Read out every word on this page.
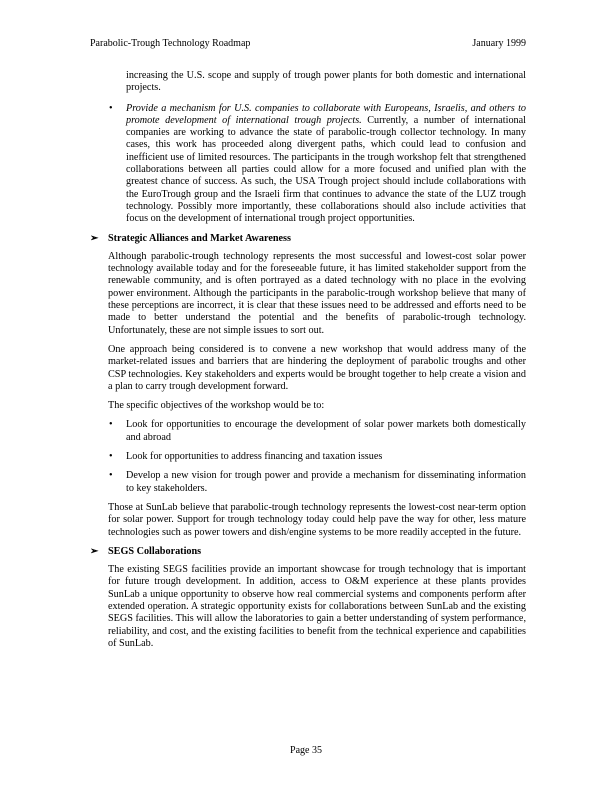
Parabolic-Trough Technology Roadmap	January 1999

increasing the U.S. scope and supply of trough power plants for both domestic and international projects.

• Provide a mechanism for U.S. companies to collaborate with Europeans, Israelis, and others to promote development of international trough projects. Currently, a number of international companies are working to advance the state of parabolic-trough collector technology. In many cases, this work has proceeded along divergent paths, which could lead to confusion and inefficient use of limited resources. The participants in the trough workshop felt that strengthened collaborations between all parties could allow for a more focused and unified plan with the greatest chance of success. As such, the USA Trough project should include collaborations with the EuroTrough group and the Israeli firm that continues to advance the state of the LUZ trough technology. Possibly more importantly, these collaborations should also include activities that focus on the development of international trough project opportunities.

➢ Strategic Alliances and Market Awareness

Although parabolic-trough technology represents the most successful and lowest-cost solar power technology available today and for the foreseeable future, it has limited stakeholder support from the renewable community, and is often portrayed as a dated technology with no place in the evolving power environment. Although the participants in the parabolic-trough workshop believe that many of these perceptions are incorrect, it is clear that these issues need to be addressed and efforts need to be made to better understand the potential and the benefits of parabolic-trough technology. Unfortunately, these are not simple issues to sort out.

One approach being considered is to convene a new workshop that would address many of the market-related issues and barriers that are hindering the deployment of parabolic troughs and other CSP technologies. Key stakeholders and experts would be brought together to help create a vision and a plan to carry trough development forward.

The specific objectives of the workshop would be to:

• Look for opportunities to encourage the development of solar power markets both domestically and abroad

• Look for opportunities to address financing and taxation issues

• Develop a new vision for trough power and provide a mechanism for disseminating information to key stakeholders.

Those at SunLab believe that parabolic-trough technology represents the lowest-cost near-term option for solar power. Support for trough technology today could help pave the way for other, less mature technologies such as power towers and dish/engine systems to be more readily accepted in the future.

➢ SEGS Collaborations

The existing SEGS facilities provide an important showcase for trough technology that is important for future trough development. In addition, access to O&M experience at these plants provides SunLab a unique opportunity to observe how real commercial systems and components perform after extended operation. A strategic opportunity exists for collaborations between SunLab and the existing SEGS facilities. This will allow the laboratories to gain a better understanding of system performance, reliability, and cost, and the existing facilities to benefit from the technical experience and capabilities of SunLab.

Page 35
